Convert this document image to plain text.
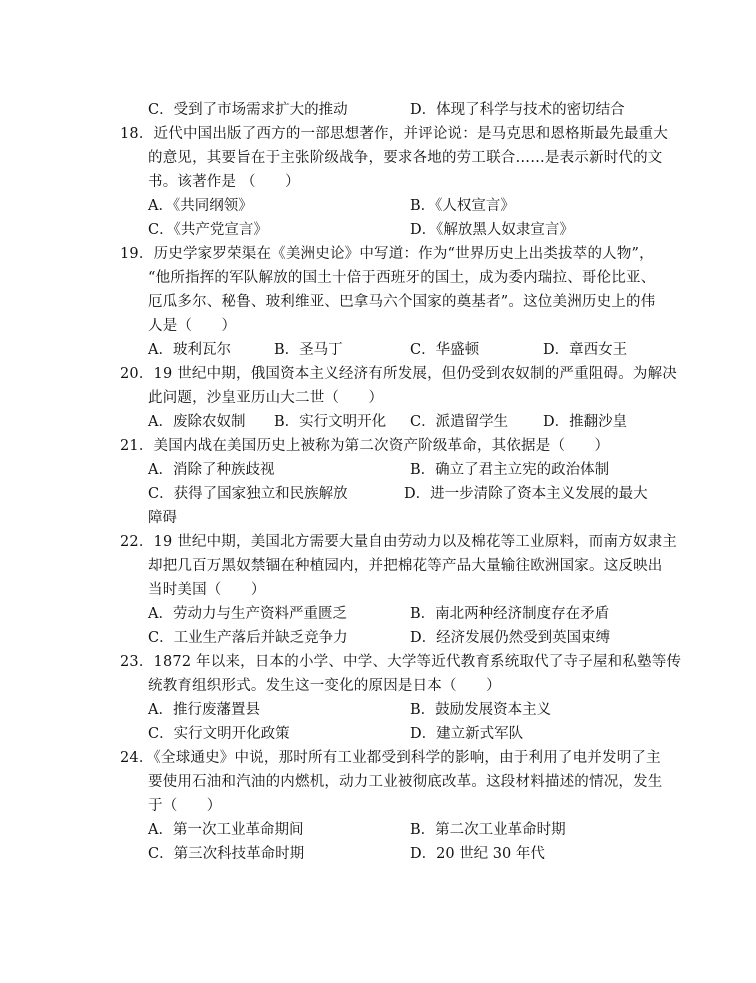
C．受到了市场需求扩大的推动	D．体现了科学与技术的密切结合
18．近代中国出版了西方的一部思想著作，并评论说：是马克思和恩格斯最先最重大
的意见，其要旨在于主张阶级战争，要求各地的劳工联合……是表示新时代的文
书。该著作是 （　　）
A．《共同纲领》	B．《人权宣言》
C．《共产党宣言》	D．《解放黑人奴隶宣言》
19．历史学家罗荣渠在《美洲史论》中写道：作为“世界历史上出类拔萃的人物”，
“他所指挥的军队解放的国土十倍于西班牙的国土，成为委内瑞拉、哥伦比亚、
厄瓜多尔、秘鲁、玻利维亚、巴拿马六个国家的奠基者”。这位美洲历史上的伟
人是（　　）
A．玻利瓦尔	B．圣马丁	C．华盛顿	D．章西女王
20．19 世纪中期，俄国资本主义经济有所发展，但仍受到农奴制的严重阻碍。为解决
此问题，沙皇亚历山大二世（　　）
A．废除农奴制 B．实行文明开化 C．派遣留学生 D．推翻沙皇
21．美国内战在美国历史上被称为第二次资产阶级革命，其依据是（　　）
A．消除了种族歧视	B．确立了君主立宪的政治体制
C．获得了国家独立和民族解放	D．进一步清除了资本主义发展的最大
障碍
22．19 世纪中期，美国北方需要大量自由劳动力以及棉花等工业原料，而南方奴隶主
却把几百万黑奴禁锢在种植园内，并把棉花等产品大量输往欧洲国家。这反映出
当时美国（　　）
A．劳动力与生产资料严重匮乏	B．南北两种经济制度存在矛盾
C．工业生产落后并缺乏竞争力	D．经济发展仍然受到英国束缚
23．1872 年以来，日本的小学、中学、大学等近代教育系统取代了寺子屋和私塾等传
统教育组织形式。发生这一变化的原因是日本（　　）
A．推行废藩置县	B．鼓励发展资本主义
C．实行文明开化政策	D．建立新式军队
24．《全球通史》中说，那时所有工业都受到科学的影响，由于利用了电并发明了主
要使用石油和汽油的内燃机，动力工业被彻底改革。这段材料描述的情况，发生
于（　　）
A．第一次工业革命期间	B．第二次工业革命时期
C．第三次科技革命时期	D．20 世纪 30 年代
